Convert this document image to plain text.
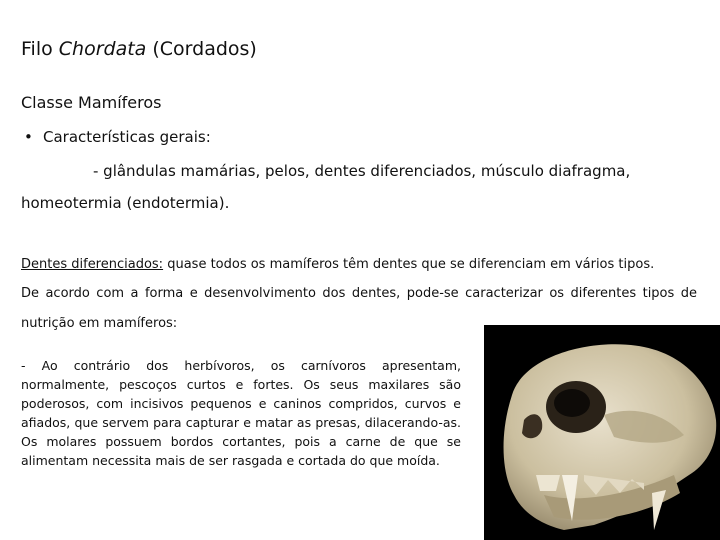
Filo Chordata (Cordados)
Classe Mamíferos
• Características gerais:
- glândulas mamárias, pelos, dentes diferenciados, músculo diafragma,
homeotermia (endotermia).
Dentes diferenciados: quase todos os mamíferos têm dentes que se diferenciam em vários tipos.
De acordo com a forma e desenvolvimento dos dentes, pode-se caracterizar os diferentes tipos de
nutrição em mamíferos:
- Ao contrário dos herbívoros, os carnívoros apresentam, normalmente, pescoços curtos e fortes. Os seus maxilares são poderosos, com incisivos pequenos e caninos compridos, curvos e afiados, que servem para capturar e matar as presas, dilacerando-as. Os molares possuem bordos cortantes, pois a carne de que se alimentam necessita mais de ser rasgada e cortada do que moída.
